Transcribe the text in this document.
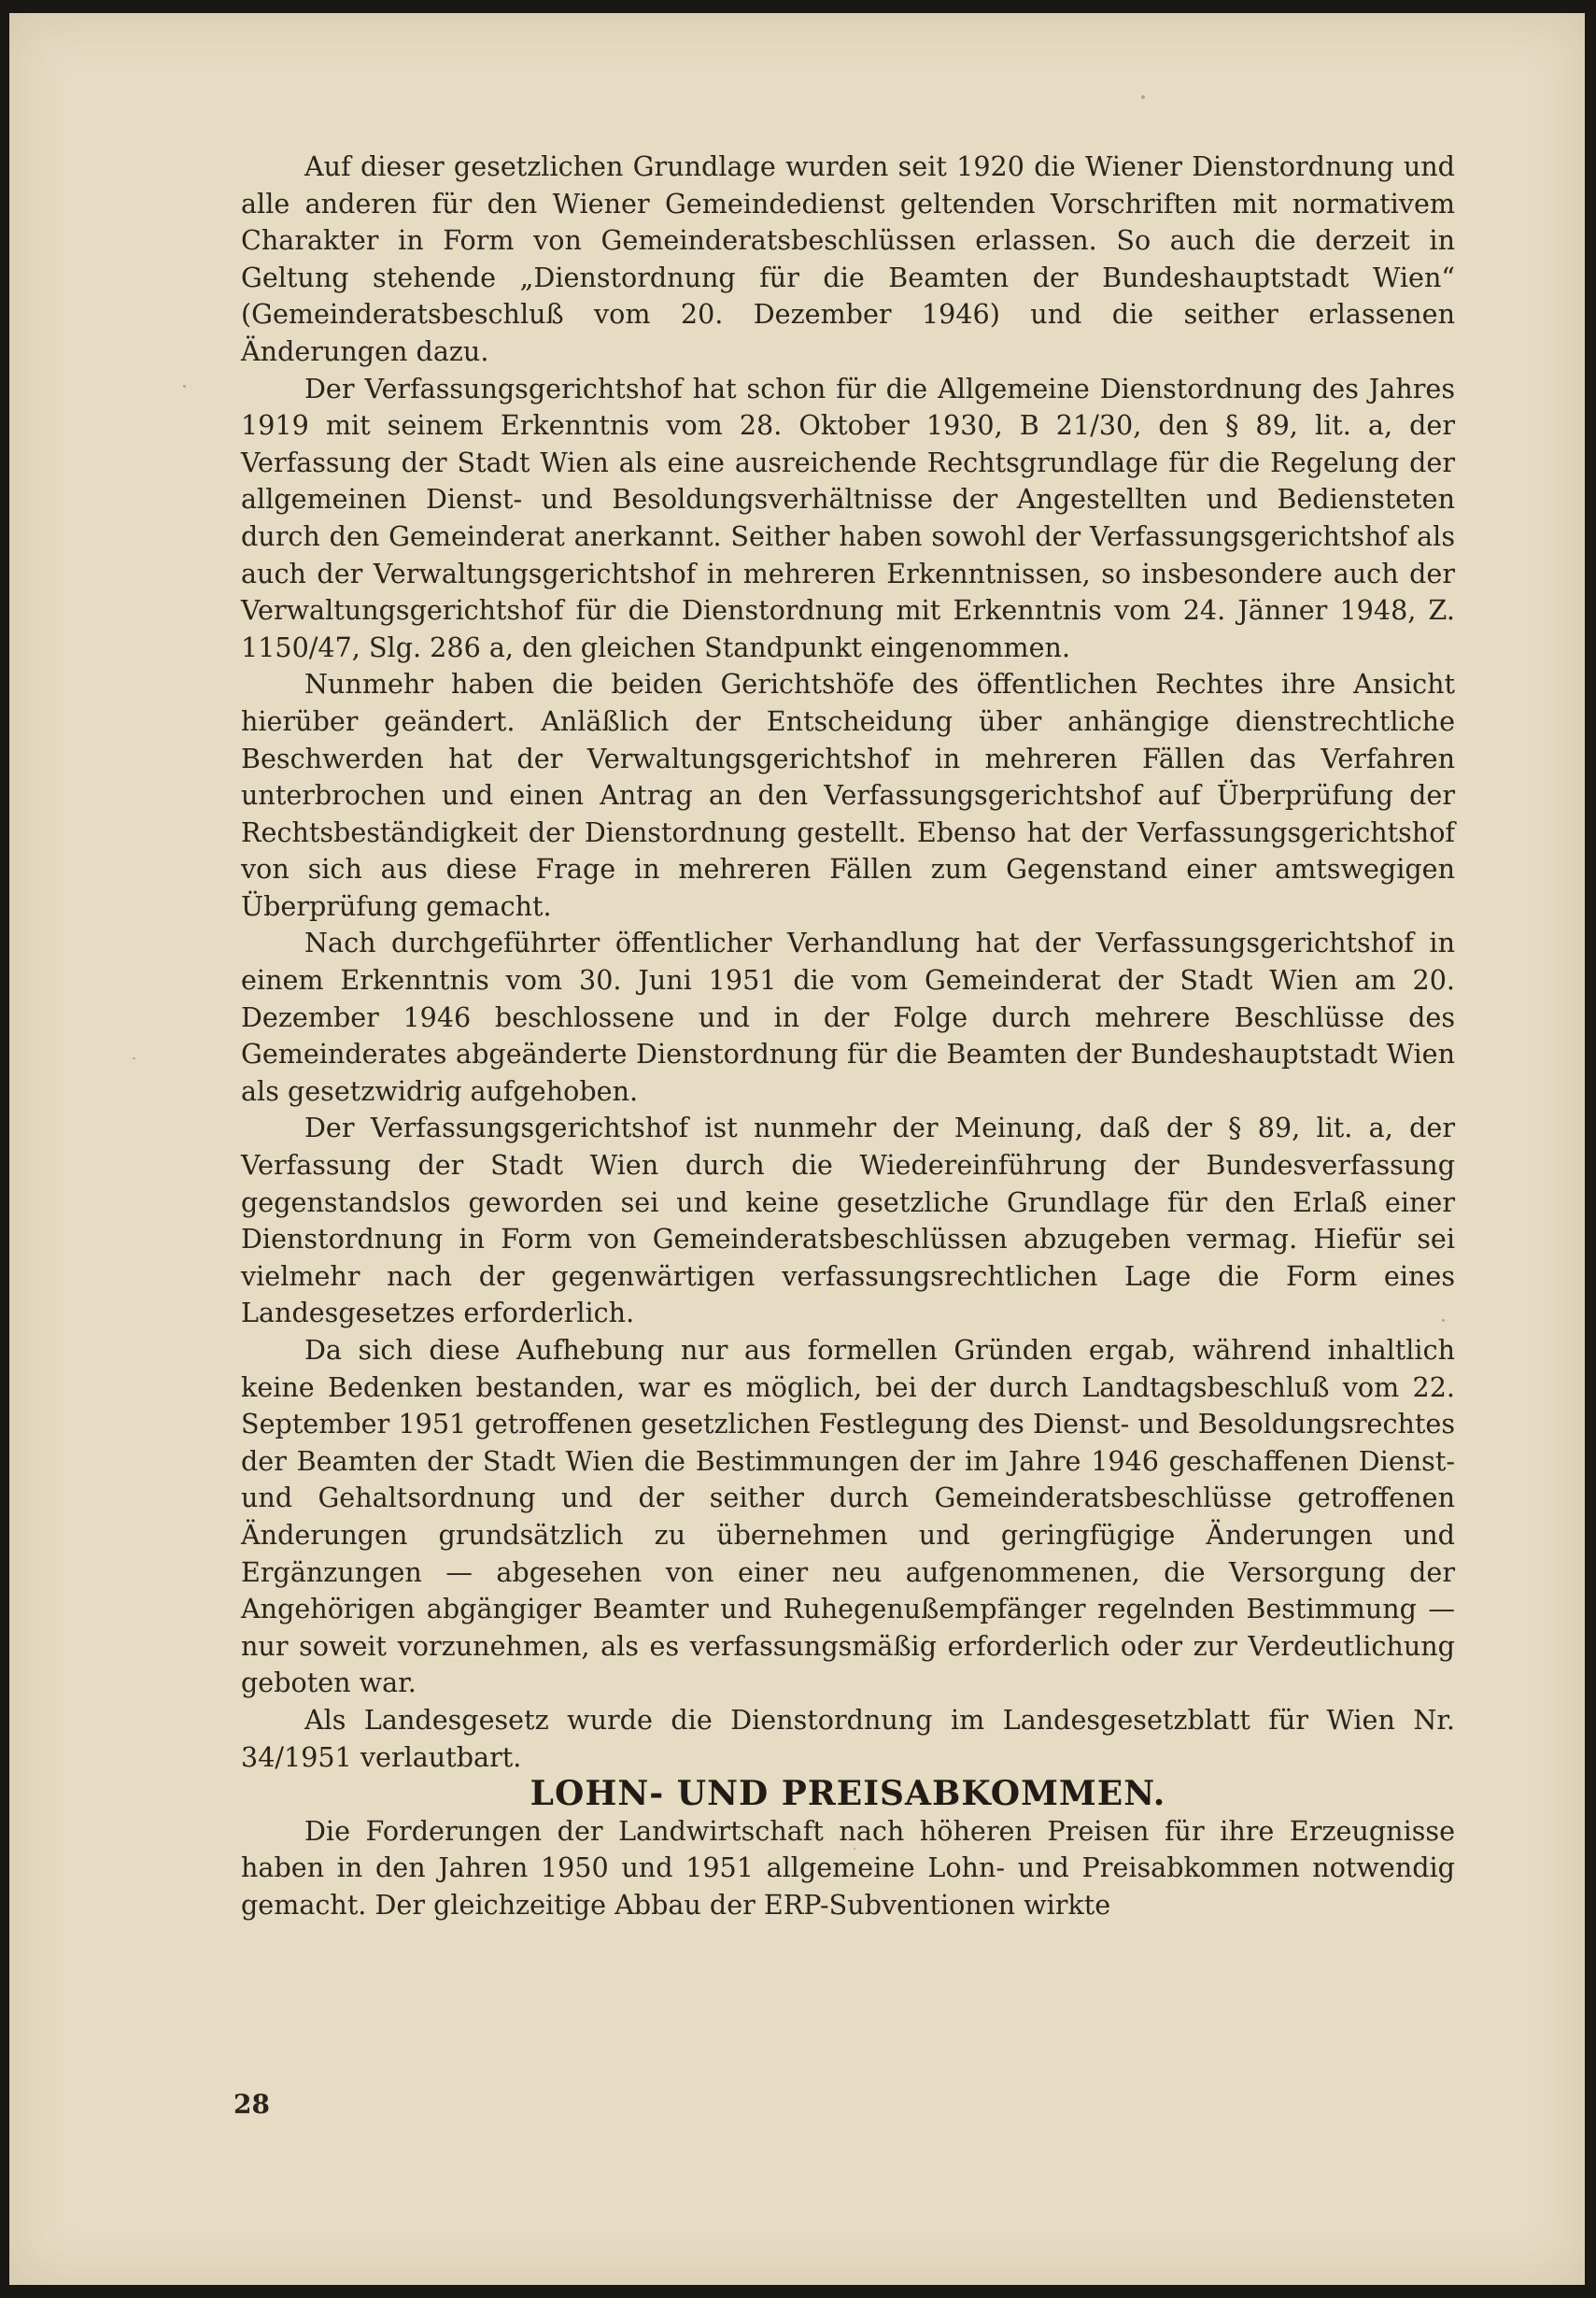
Auf dieser gesetzlichen Grundlage wurden seit 1920 die Wiener Dienstordnung und alle anderen für den Wiener Gemeindedienst geltenden Vorschriften mit normativem Charakter in Form von Gemeinderatsbeschlüssen erlassen. So auch die derzeit in Geltung stehende „Dienstordnung für die Beamten der Bundeshauptstadt Wien“ (Gemeinderatsbeschluß vom 20. Dezember 1946) und die seither erlassenen Änderungen dazu.

Der Verfassungsgerichtshof hat schon für die Allgemeine Dienstordnung des Jahres 1919 mit seinem Erkenntnis vom 28. Oktober 1930, B 21/30, den § 89, lit. a, der Verfassung der Stadt Wien als eine ausreichende Rechtsgrundlage für die Regelung der allgemeinen Dienst- und Besoldungsverhältnisse der Angestellten und Bediensteten durch den Gemeinderat anerkannt. Seither haben sowohl der Verfassungsgerichtshof als auch der Verwaltungsgerichtshof in mehreren Erkenntnissen, so insbesondere auch der Verwaltungsgerichtshof für die Dienstordnung mit Erkenntnis vom 24. Jänner 1948, Z. 1150/47, Slg. 286 a, den gleichen Standpunkt eingenommen.

Nunmehr haben die beiden Gerichtshöfe des öffentlichen Rechtes ihre Ansicht hierüber geändert. Anläßlich der Entscheidung über anhängige dienstrechtliche Beschwerden hat der Verwaltungsgerichtshof in mehreren Fällen das Verfahren unterbrochen und einen Antrag an den Verfassungsgerichtshof auf Überprüfung der Rechtsbeständigkeit der Dienstordnung gestellt. Ebenso hat der Verfassungsgerichtshof von sich aus diese Frage in mehreren Fällen zum Gegenstand einer amtswegigen Überprüfung gemacht.

Nach durchgeführter öffentlicher Verhandlung hat der Verfassungsgerichtshof in einem Erkenntnis vom 30. Juni 1951 die vom Gemeinderat der Stadt Wien am 20. Dezember 1946 beschlossene und in der Folge durch mehrere Beschlüsse des Gemeinderates abgeänderte Dienstordnung für die Beamten der Bundeshauptstadt Wien als gesetzwidrig aufgehoben.

Der Verfassungsgerichtshof ist nunmehr der Meinung, daß der § 89, lit. a, der Verfassung der Stadt Wien durch die Wiedereinführung der Bundesverfassung gegenstandslos geworden sei und keine gesetzliche Grundlage für den Erlaß einer Dienstordnung in Form von Gemeinderatsbeschlüssen abzugeben vermag. Hiefür sei vielmehr nach der gegenwärtigen verfassungsrechtlichen Lage die Form eines Landesgesetzes erforderlich.

Da sich diese Aufhebung nur aus formellen Gründen ergab, während inhaltlich keine Bedenken bestanden, war es möglich, bei der durch Landtagsbeschluß vom 22. September 1951 getroffenen gesetzlichen Festlegung des Dienst- und Besoldungsrechtes der Beamten der Stadt Wien die Bestimmungen der im Jahre 1946 geschaffenen Dienst- und Gehaltsordnung und der seither durch Gemeinderatsbeschlüsse getroffenen Änderungen grundsätzlich zu übernehmen und geringfügige Änderungen und Ergänzungen — abgesehen von einer neu aufgenommenen, die Versorgung der Angehörigen abgängiger Beamter und Ruhegenußempfänger regelnden Bestimmung — nur soweit vorzunehmen, als es verfassungsmäßig erforderlich oder zur Verdeutlichung geboten war.

Als Landesgesetz wurde die Dienstordnung im Landesgesetzblatt für Wien Nr. 34/1951 verlautbart.

LOHN- UND PREISABKOMMEN.

Die Forderungen der Landwirtschaft nach höheren Preisen für ihre Erzeugnisse haben in den Jahren 1950 und 1951 allgemeine Lohn- und Preisabkommen notwendig gemacht. Der gleichzeitige Abbau der ERP-Subventionen wirkte

28
